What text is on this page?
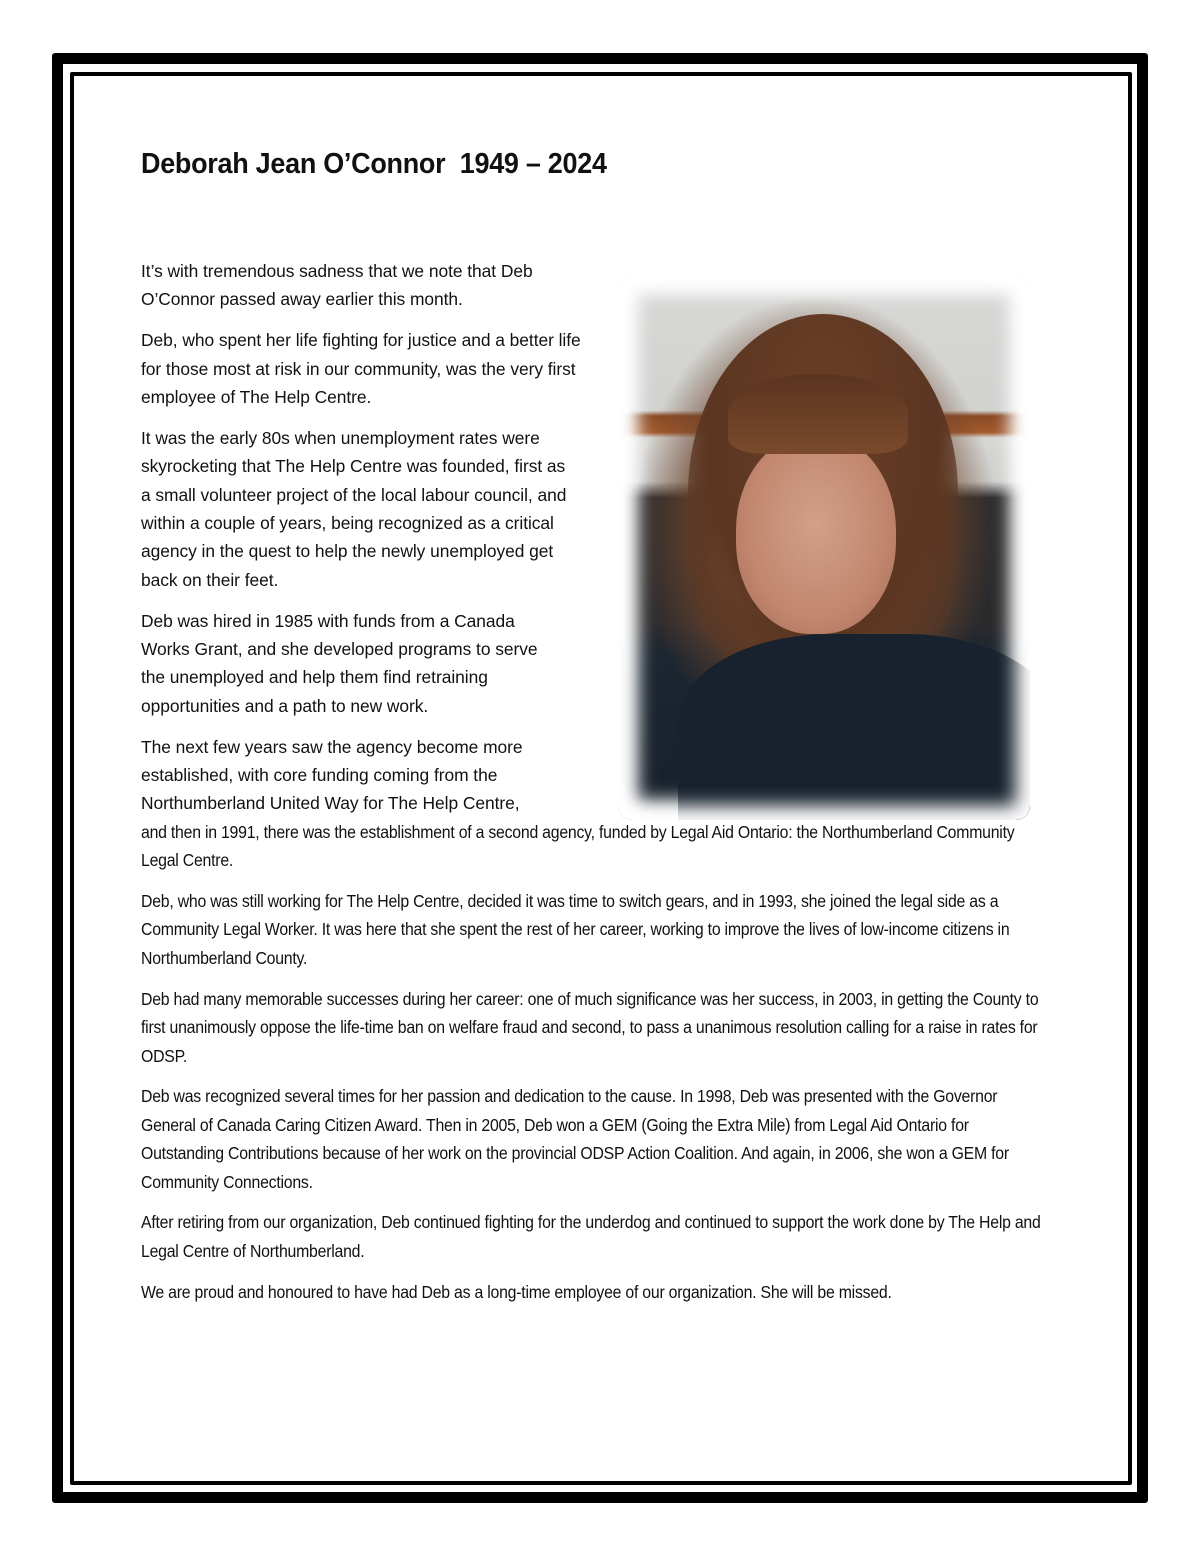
Deborah Jean O’Connor  1949 – 2024

It’s with tremendous sadness that we note that Deb O’Connor passed away earlier this month.

Deb, who spent her life fighting for justice and a better life for those most at risk in our community, was the very first employee of The Help Centre.

It was the early 80s when unemployment rates were skyrocketing that The Help Centre was founded, first as a small volunteer project of the local labour council, and within a couple of years, being recognized as a critical agency in the quest to help the newly unemployed get back on their feet.

Deb was hired in 1985 with funds from a Canada Works Grant, and she developed programs to serve the unemployed and help them find retraining opportunities and a path to new work.

The next few years saw the agency become more established, with core funding coming from the Northumberland United Way for The Help Centre,

and then in 1991, there was the establishment of a second agency, funded by Legal Aid Ontario: the Northumberland Community Legal Centre.

Deb, who was still working for The Help Centre, decided it was time to switch gears, and in 1993, she joined the legal side as a Community Legal Worker. It was here that she spent the rest of her career, working to improve the lives of low-income citizens in Northumberland County.

Deb had many memorable successes during her career: one of much significance was her success, in 2003, in getting the County to first unanimously oppose the life-time ban on welfare fraud and second, to pass a unanimous resolution calling for a raise in rates for ODSP.

Deb was recognized several times for her passion and dedication to the cause. In 1998, Deb was presented with the Governor General of Canada Caring Citizen Award. Then in 2005, Deb won a GEM (Going the Extra Mile) from Legal Aid Ontario for Outstanding Contributions because of her work on the provincial ODSP Action Coalition. And again, in 2006, she won a GEM for Community Connections.

After retiring from our organization, Deb continued fighting for the underdog and continued to support the work done by The Help and Legal Centre of Northumberland.

We are proud and honoured to have had Deb as a long-time employee of our organization. She will be missed.
